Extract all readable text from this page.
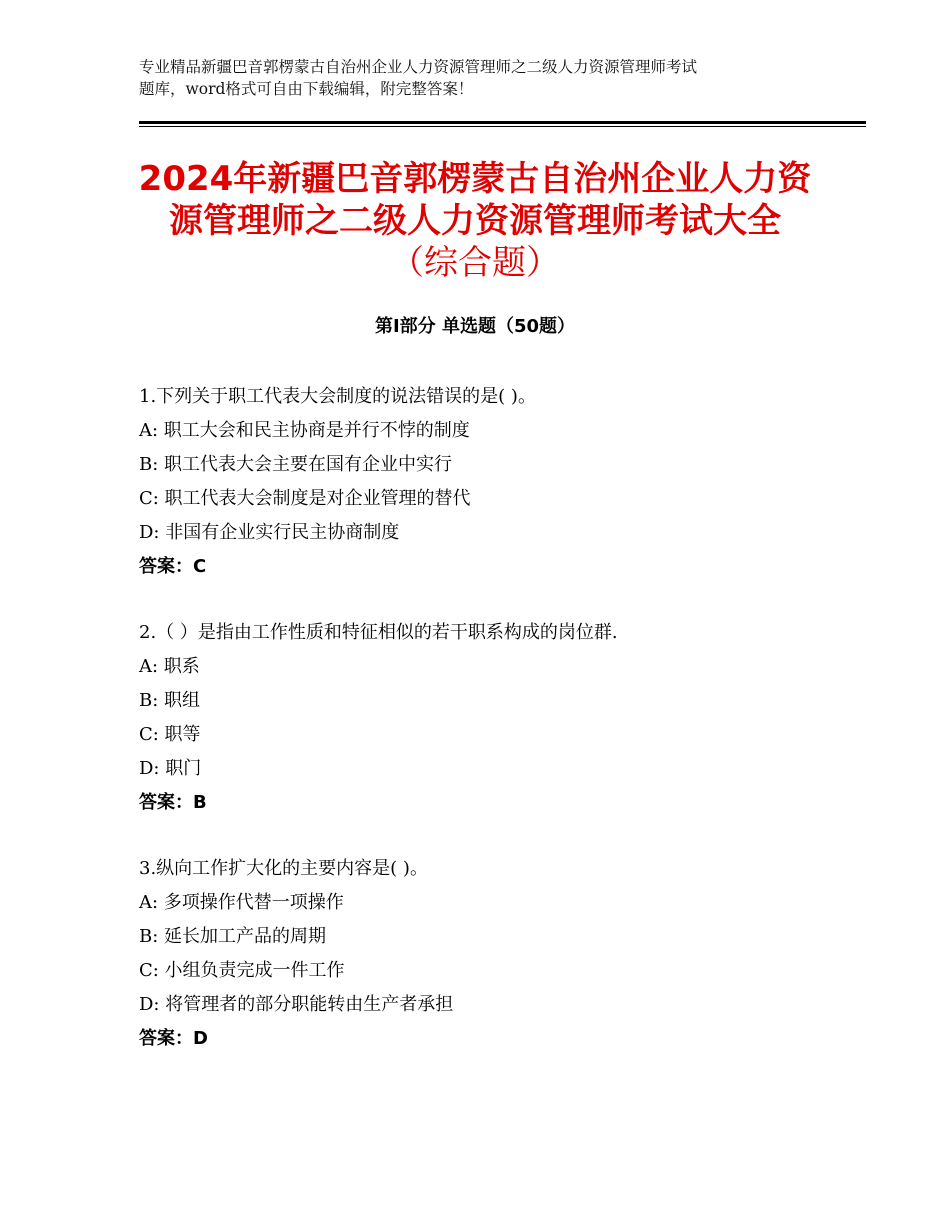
专业精品新疆巴音郭楞蒙古自治州企业人力资源管理师之二级人力资源管理师考试
题库，word格式可自由下载编辑，附完整答案！
2024年新疆巴音郭楞蒙古自治州企业人力资
源管理师之二级人力资源管理师考试大全
（综合题）
第Ⅰ部分 单选题（50题）
1.下列关于职工代表大会制度的说法错误的是( )。
A: 职工大会和民主协商是并行不悖的制度
B: 职工代表大会主要在国有企业中实行
C: 职工代表大会制度是对企业管理的替代
D: 非国有企业实行民主协商制度
答案：C
2.（ ）是指由工作性质和特征相似的若干职系构成的岗位群.
A: 职系
B: 职组
C: 职等
D: 职门
答案：B
3.纵向工作扩大化的主要内容是( )。
A: 多项操作代替一项操作
B: 延长加工产品的周期
C: 小组负责完成一件工作
D: 将管理者的部分职能转由生产者承担
答案：D
